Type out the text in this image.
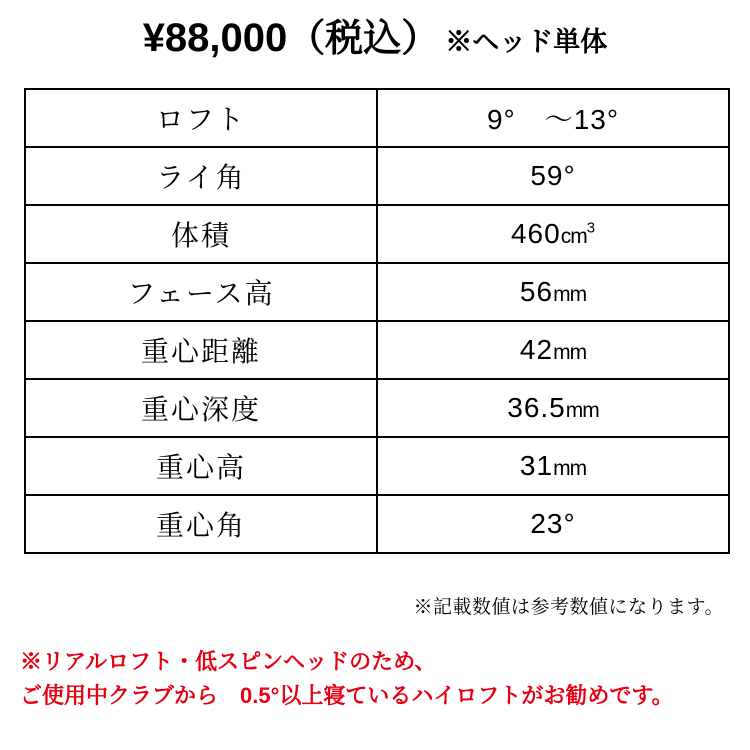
¥88,000 （税込） ※ヘッド単体
ロフト	9°　～13°
ライ角	59°
体積	$460cm^3$
フェース高	56mm
重心距離	42mm
重心深度	36.5mm
重心高	31mm
重心角	23°
※記載数値は参考数値になります。
※リアルロフト・低スピンヘッドのため、
ご使用中クラブから　0.5°以上寝ているハイロフトがお勧めです。
